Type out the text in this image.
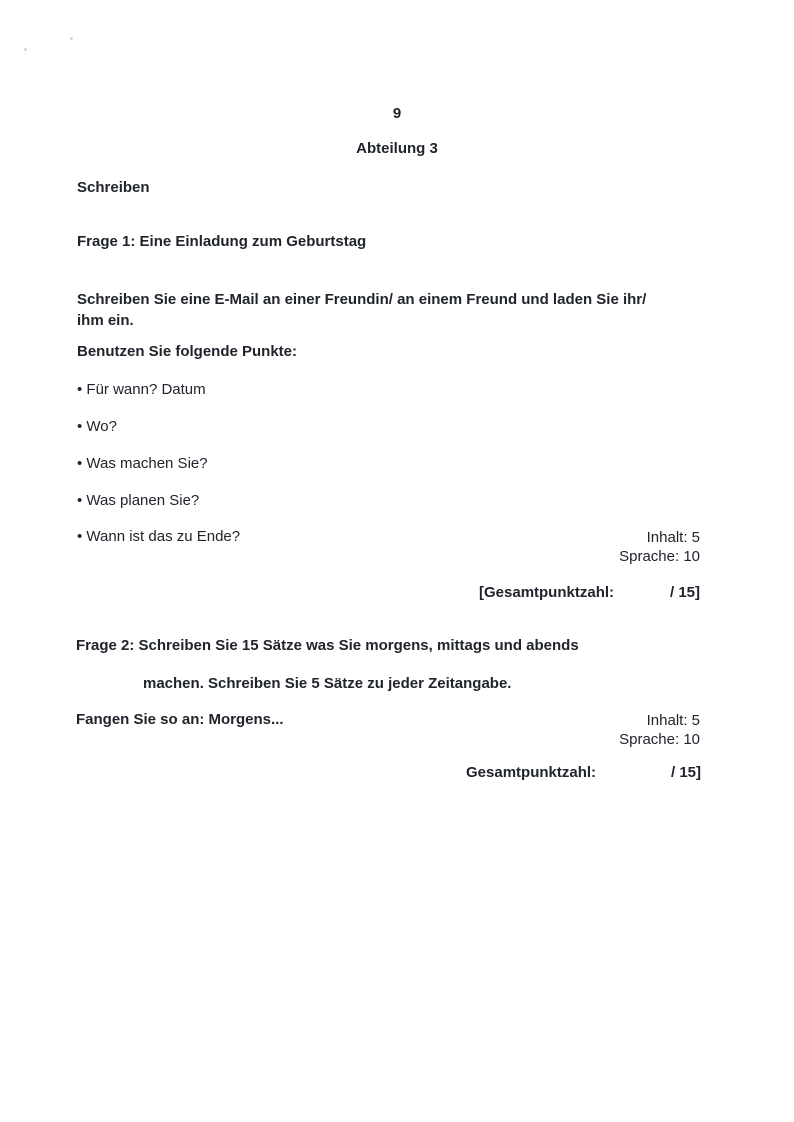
9
Abteilung 3
Schreiben
Frage 1: Eine Einladung zum Geburtstag
Schreiben Sie eine E-Mail an einer Freundin/ an einem Freund und laden Sie ihr/
ihm ein.
Benutzen Sie folgende Punkte:
• Für wann? Datum
• Wo?
• Was machen Sie?
• Was planen Sie?
• Wann ist das zu Ende?	Inhalt: 5
Sprache: 10
[Gesamtpunktzahl:	/ 15]
Frage 2: Schreiben Sie 15 Sätze was Sie morgens, mittags und abends
machen. Schreiben Sie 5 Sätze zu jeder Zeitangabe.
Fangen Sie so an: Morgens...	Inhalt: 5
Sprache: 10
Gesamtpunktzahl:	/ 15]
